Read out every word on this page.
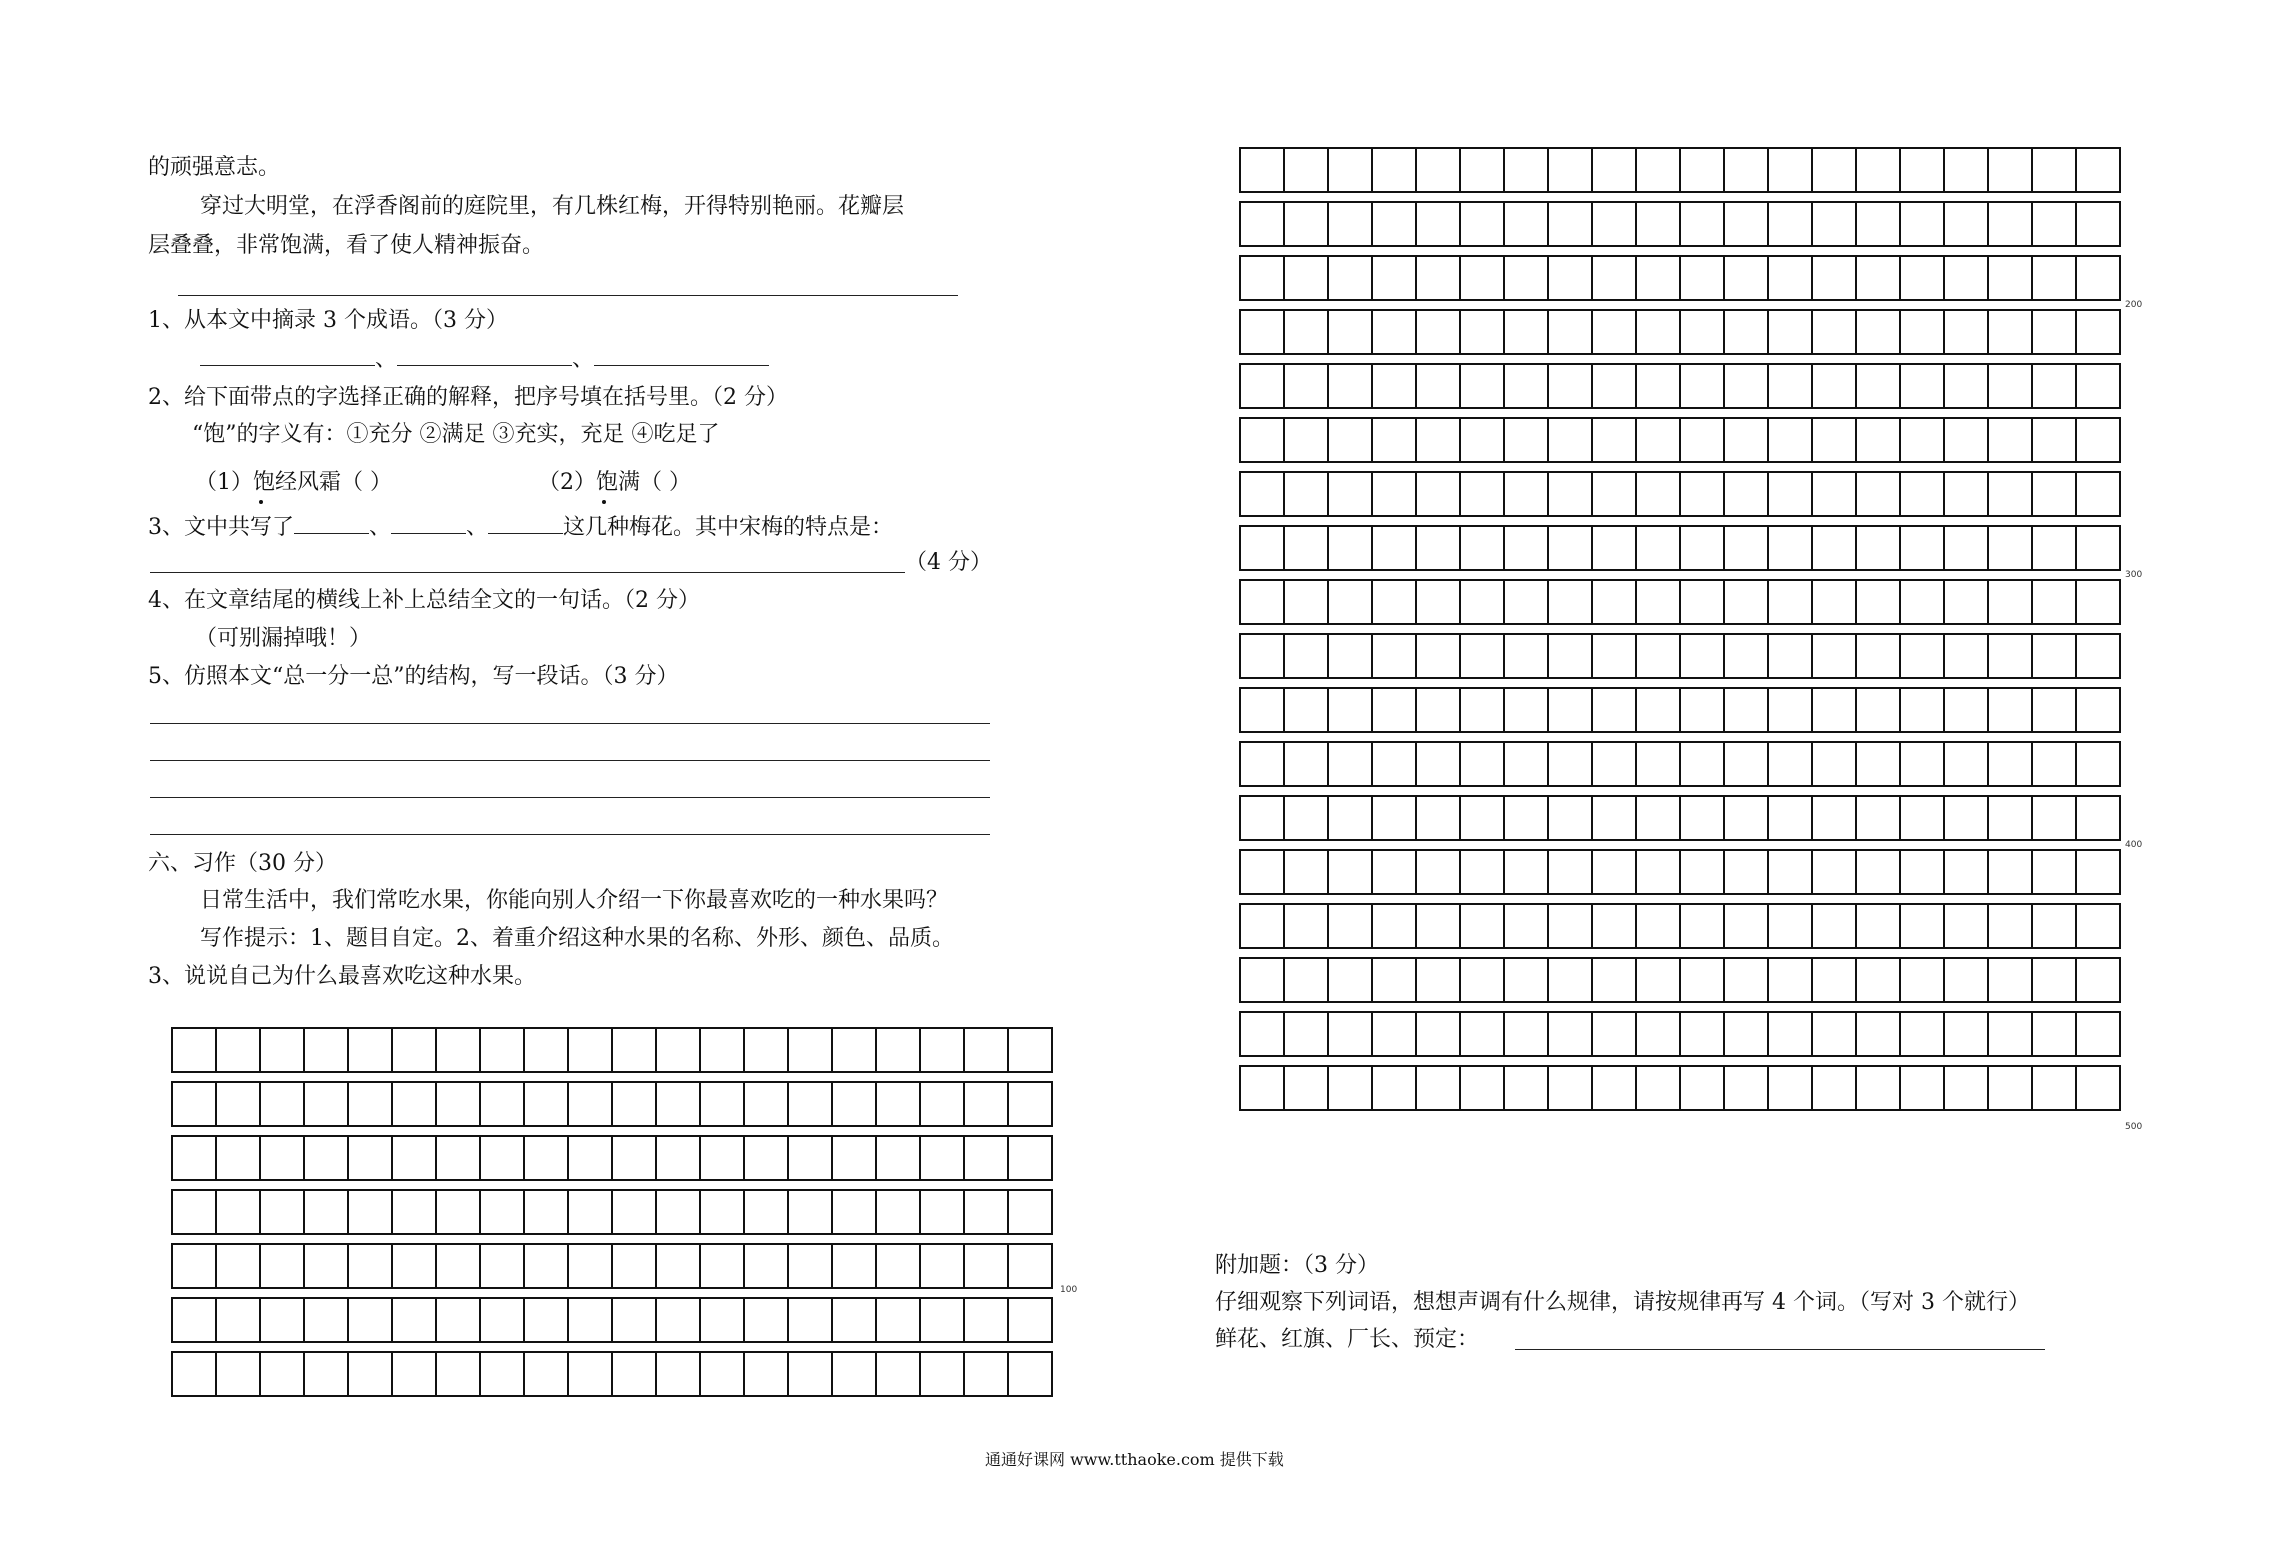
的顽强意志。
穿过大明堂，在浮香阁前的庭院里，有几株红梅，开得特别艳丽。花瓣层
层叠叠，非常饱满，看了使人精神振奋。
1、从本文中摘录 3 个成语。（3 分）
、	、
2、给下面带点的字选择正确的解释，把序号填在括号里。（2 分）
“饱”的字义有：①充分 ②满足 ③充实，充足 ④吃足了
（1）饱经风霜（ ）	（2）饱满（ ）
3、文中共写了	、	、	这几种梅花。其中宋梅的特点是：
（4 分）
4、在文章结尾的横线上补上总结全文的一句话。（2 分）
（可别漏掉哦！）
5、仿照本文“总一分一总”的结构，写一段话。（3 分）
六、习作（30 分）
日常生活中，我们常吃水果，你能向别人介绍一下你最喜欢吃的一种水果吗？
写作提示：1、题目自定。2、着重介绍这种水果的名称、外形、颜色、品质。
3、说说自己为什么最喜欢吃这种水果。
100
200
300
400
500
附加题：（3 分）
仔细观察下列词语，想想声调有什么规律，请按规律再写 4 个词。（写对 3 个就行）
鲜花、红旗、厂长、预定：
通通好课网 www.tthaoke.com 提供下载
